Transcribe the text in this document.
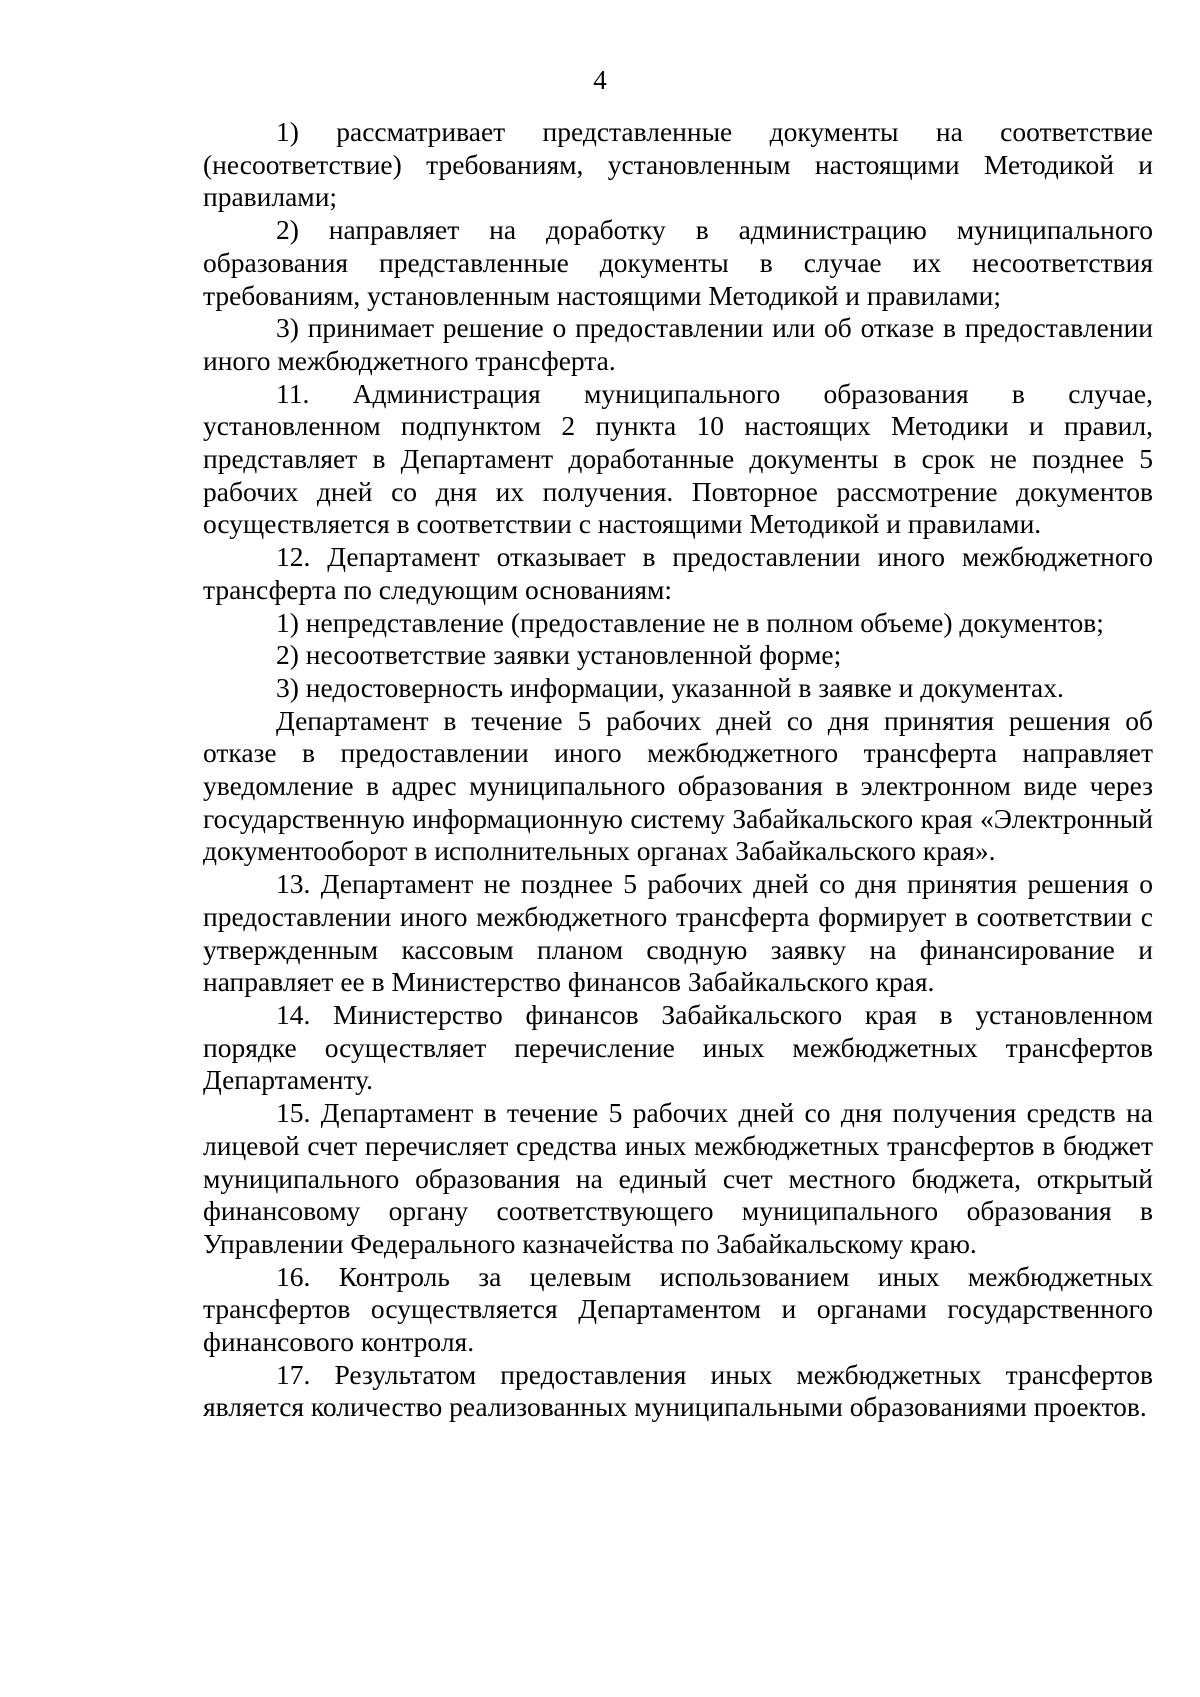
4

1) рассматривает представленные документы на соответствие (несоответствие) требованиям, установленным настоящими Методикой и правилами;

2) направляет на доработку в администрацию муниципального образования представленные документы в случае их несоответствия требованиям, установленным настоящими Методикой и правилами;

3) принимает решение о предоставлении или об отказе в предоставлении иного межбюджетного трансферта.

11. Администрация муниципального образования в случае, установленном подпунктом 2 пункта 10 настоящих Методики и правил, представляет в Департамент доработанные документы в срок не позднее 5 рабочих дней со дня их получения. Повторное рассмотрение документов осуществляется в соответствии с настоящими Методикой и правилами.

12. Департамент отказывает в предоставлении иного межбюджетного трансферта по следующим основаниям:

1) непредставление (предоставление не в полном объеме) документов;

2) несоответствие заявки установленной форме;

3) недостоверность информации, указанной в заявке и документах.

Департамент в течение 5 рабочих дней со дня принятия решения об отказе в предоставлении иного межбюджетного трансферта направляет уведомление в адрес муниципального образования в электронном виде через государственную информационную систему Забайкальского края «Электронный документооборот в исполнительных органах Забайкальского края».

13. Департамент не позднее 5 рабочих дней со дня принятия решения о предоставлении иного межбюджетного трансферта формирует в соответствии с утвержденным кассовым планом сводную заявку на финансирование и направляет ее в Министерство финансов Забайкальского края.

14. Министерство финансов Забайкальского края в установленном порядке осуществляет перечисление иных межбюджетных трансфертов Департаменту.

15. Департамент в течение 5 рабочих дней со дня получения средств на лицевой счет перечисляет средства иных межбюджетных трансфертов в бюджет муниципального образования на единый счет местного бюджета, открытый финансовому органу соответствующего муниципального образования в Управлении Федерального казначейства по Забайкальскому краю.

16. Контроль за целевым использованием иных межбюджетных трансфертов осуществляется Департаментом и органами государственного финансового контроля.

17. Результатом предоставления иных межбюджетных трансфертов является количество реализованных муниципальными образованиями проектов.
